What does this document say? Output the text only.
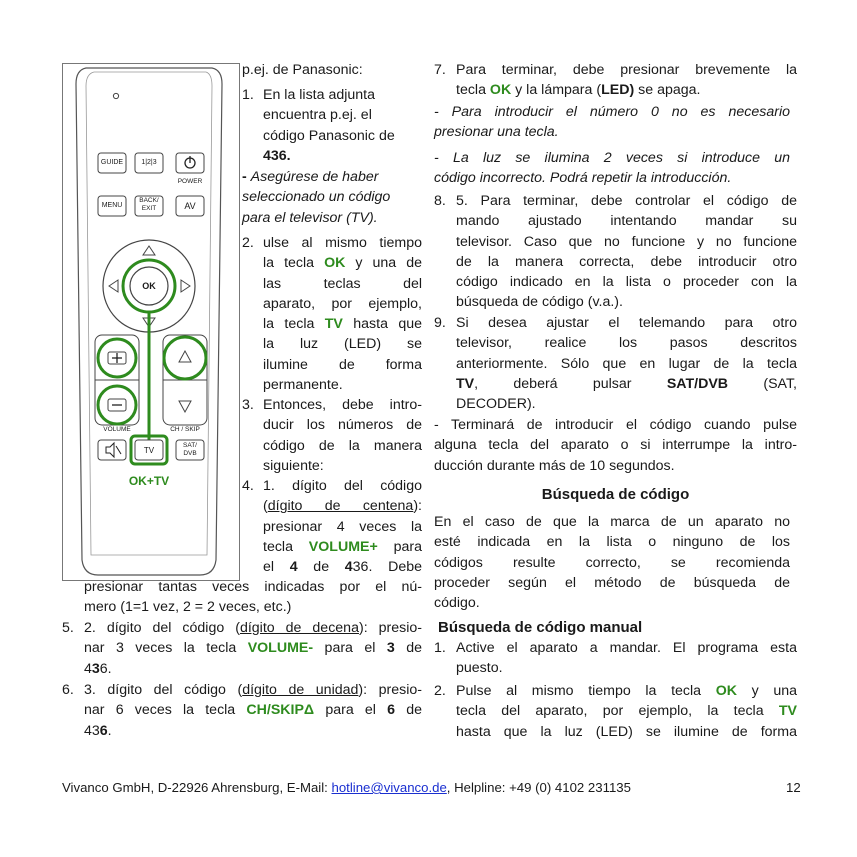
GUIDE	1|2|3
POWER
MENU
BACK/
EXIT	AV
OK
VOLUME	CH / SKIP
TV
SAT/
DVB
OK+TV
p.ej. de Panasonic:
1. En la lista adjunta
encuentra p.ej. el
código Panasonic de
436.
- Asegúrese de haber
seleccionado un código
para el televisor (TV).
2. ulse al mismo tiempo
la tecla OK y una de
las teclas del
aparato, por ejemplo,
la tecla TV hasta que
la luz (LED) se
ilumine de forma
permanente.
3. Entonces, debe intro-
ducir los números de
código de la manera
siguiente:
4. 1. dígito del código
(dígito de centena):
presionar 4 veces la
tecla VOLUME+ para
el 4 de 436. Debe
presionar tantas veces indicadas por el nú-
mero (1=1 vez, 2 = 2 veces, etc.)
5. 2. dígito del código (dígito de decena): presio-
nar 3 veces la tecla VOLUME- para el 3 de
436.
6. 3. dígito del código (dígito de unidad): presio-
nar 6 veces la tecla CH/SKIPΔ para el 6 de
436.
7. Para terminar, debe presionar brevemente la
tecla OK y la lámpara (LED) se apaga.
- Para introducir el número 0 no es necesario
presionar una tecla.
- La luz se ilumina 2 veces si introduce un
código incorrecto. Podrá repetir la introducción.
8. 5. Para terminar, debe controlar el código de
mando ajustado intentando mandar su
televisor. Caso que no funcione y no funcione
de la manera correcta, debe introducir otro
código indicado en la lista o proceder con la
búsqueda de código (v.a.).
9. Si desea ajustar el telemando para otro
televisor, realice los pasos descritos
anteriormente. Sólo que en lugar de la tecla
TV, deberá pulsar SAT/DVB (SAT,
DECODER).
- Terminará de introducir el código cuando pulse
alguna tecla del aparato o si interrumpe la intro-
ducción durante más de 10 segundos.
Búsqueda de código
En el caso de que la marca de un aparato no
esté indicada en la lista o ninguno de los
códigos resulte correcto, se recomienda
proceder según el método de búsqueda de
código.
Búsqueda de código manual
1. Active el aparato a mandar. El programa esta
puesto.
2. Pulse al mismo tiempo la tecla OK y una
tecla del aparato, por ejemplo, la tecla TV
hasta que la luz (LED) se ilumine de forma
Vivanco GmbH, D-22926 Ahrensburg, E-Mail: hotline@vivanco.de, Helpline: +49 (0) 4102 231135	12
